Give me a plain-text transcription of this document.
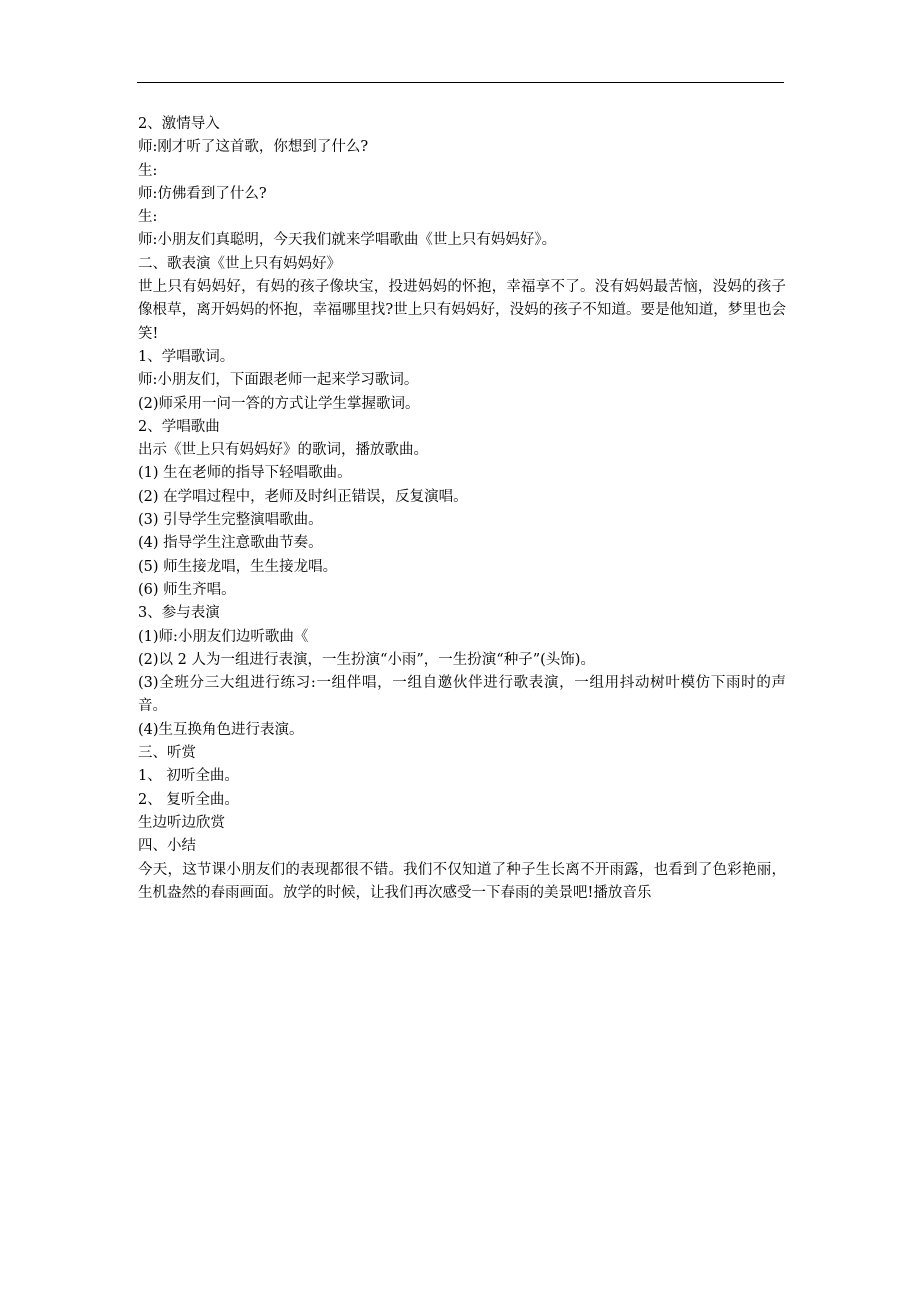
2、激情导入
师:刚才听了这首歌，你想到了什么?
生:
师:仿佛看到了什么?
生:
师:小朋友们真聪明，今天我们就来学唱歌曲《世上只有妈妈好》。
二、歌表演《世上只有妈妈好》
世上只有妈妈好，有妈的孩子像块宝，投进妈妈的怀抱，幸福享不了。没有妈妈最苦恼，没妈的孩子像根草，离开妈妈的怀抱，幸福哪里找?世上只有妈妈好，没妈的孩子不知道。要是他知道，梦里也会笑!
1、学唱歌词。
师:小朋友们，下面跟老师一起来学习歌词。
(2)师采用一问一答的方式让学生掌握歌词。
2、学唱歌曲
出示《世上只有妈妈好》的歌词，播放歌曲。
(1) 生在老师的指导下轻唱歌曲。
(2) 在学唱过程中，老师及时纠正错误，反复演唱。
(3) 引导学生完整演唱歌曲。
(4) 指导学生注意歌曲节奏。
(5) 师生接龙唱，生生接龙唱。
(6) 师生齐唱。
3、参与表演
(1)师:小朋友们边听歌曲《
(2)以 2 人为一组进行表演，一生扮演“小雨”，一生扮演“种子”(头饰)。
(3)全班分三大组进行练习:一组伴唱，一组自邀伙伴进行歌表演，一组用抖动树叶模仿下雨时的声音。
(4)生互换角色进行表演。
三、听赏
1、 初听全曲。
2、 复听全曲。
生边听边欣赏
四、小结
今天，这节课小朋友们的表现都很不错。我们不仅知道了种子生长离不开雨露，也看到了色彩艳丽，生机盎然的春雨画面。放学的时候，让我们再次感受一下春雨的美景吧!播放音乐
